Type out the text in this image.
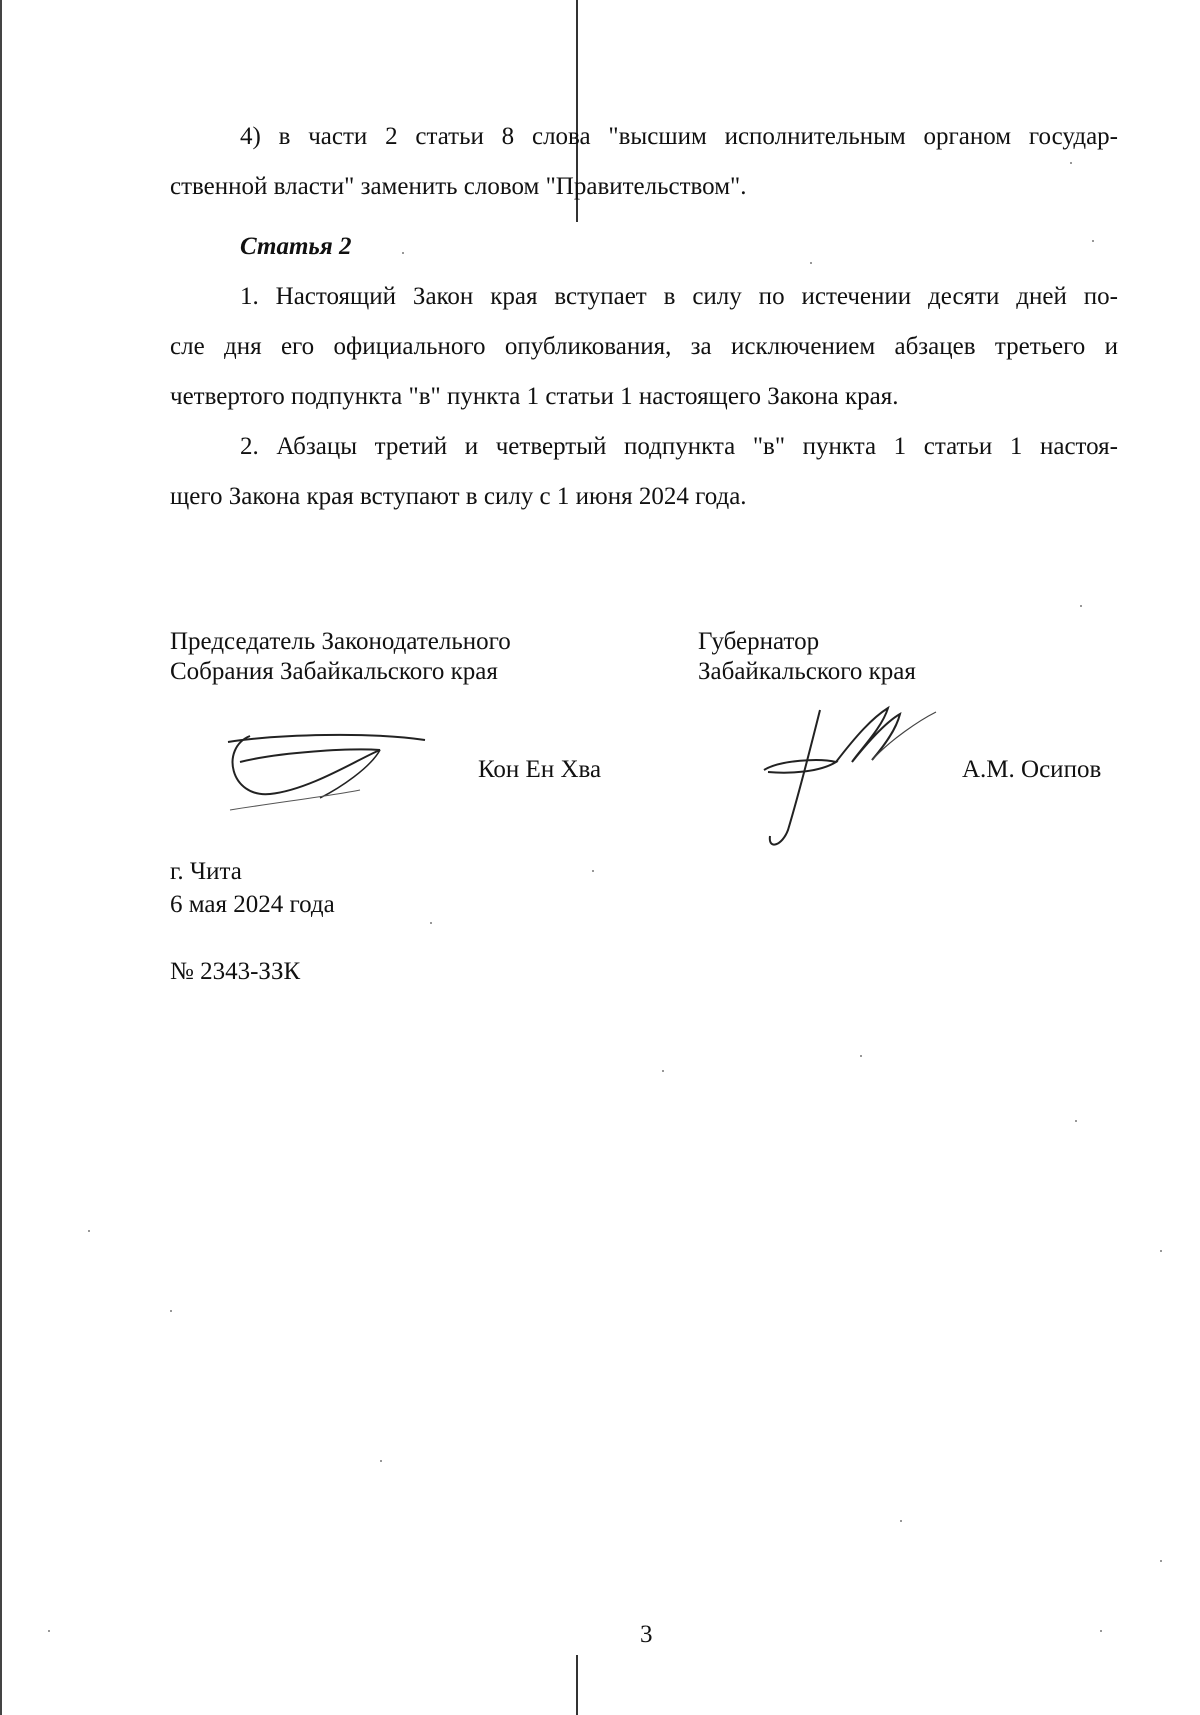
4) в части 2 статьи 8 слова "высшим исполнительным органом государ-
ственной власти" заменить словом "Правительством".
Статья 2
1. Настоящий Закон края вступает в силу по истечении десяти дней по-
сле дня его официального опубликования, за исключением абзацев третьего и
четвертого подпункта "в" пункта 1 статьи 1 настоящего Закона края.
2. Абзацы третий и четвертый подпункта "в" пункта 1 статьи 1 настоя-
щего Закона края вступают в силу с 1 июня 2024 года.
Председатель Законодательного
Собрания Забайкальского края
Кон Ен Хва
Губернатор
Забайкальского края
А.М. Осипов
г. Чита
6 мая 2024 года
№ 2343-ЗЗК
3
